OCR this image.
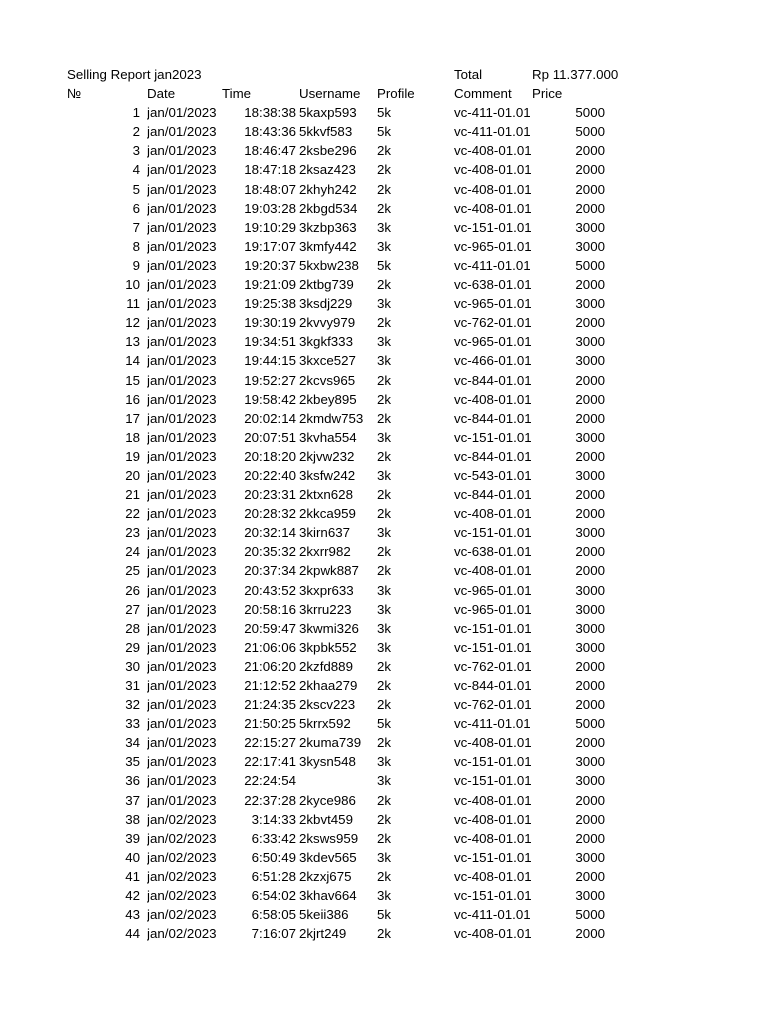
Selling Report jan2023	Total	Rp 11.377.000
№	Date	Time	Username	Profile	Comment	Price
1 jan/01/2023	18:38:38 5kaxp593	5k	vc-411-01.01	5000
2 jan/01/2023	18:43:36 5kkvf583	5k	vc-411-01.01	5000
3 jan/01/2023	18:46:47 2ksbe296	2k	vc-408-01.01	2000
4 jan/01/2023	18:47:18 2ksaz423	2k	vc-408-01.01	2000
5 jan/01/2023	18:48:07 2khyh242	2k	vc-408-01.01	2000
6 jan/01/2023	19:03:28 2kbgd534	2k	vc-408-01.01	2000
7 jan/01/2023	19:10:29 3kzbp363	3k	vc-151-01.01	3000
8 jan/01/2023	19:17:07 3kmfy442	3k	vc-965-01.01	3000
9 jan/01/2023	19:20:37 5kxbw238	5k	vc-411-01.01	5000
10 jan/01/2023	19:21:09 2ktbg739	2k	vc-638-01.01	2000
11 jan/01/2023	19:25:38 3ksdj229	3k	vc-965-01.01	3000
12 jan/01/2023	19:30:19 2kvvy979	2k	vc-762-01.01	2000
13 jan/01/2023	19:34:51 3kgkf333	3k	vc-965-01.01	3000
14 jan/01/2023	19:44:15 3kxce527	3k	vc-466-01.01	3000
15 jan/01/2023	19:52:27 2kcvs965	2k	vc-844-01.01	2000
16 jan/01/2023	19:58:42 2kbey895	2k	vc-408-01.01	2000
17 jan/01/2023	20:02:14 2kmdw753	2k	vc-844-01.01	2000
18 jan/01/2023	20:07:51 3kvha554	3k	vc-151-01.01	3000
19 jan/01/2023	20:18:20 2kjvw232	2k	vc-844-01.01	2000
20 jan/01/2023	20:22:40 3ksfw242	3k	vc-543-01.01	3000
21 jan/01/2023	20:23:31 2ktxn628	2k	vc-844-01.01	2000
22 jan/01/2023	20:28:32 2kkca959	2k	vc-408-01.01	2000
23 jan/01/2023	20:32:14 3kirn637	3k	vc-151-01.01	3000
24 jan/01/2023	20:35:32 2kxrr982	2k	vc-638-01.01	2000
25 jan/01/2023	20:37:34 2kpwk887	2k	vc-408-01.01	2000
26 jan/01/2023	20:43:52 3kxpr633	3k	vc-965-01.01	3000
27 jan/01/2023	20:58:16 3krru223	3k	vc-965-01.01	3000
28 jan/01/2023	20:59:47 3kwmi326	3k	vc-151-01.01	3000
29 jan/01/2023	21:06:06 3kpbk552	3k	vc-151-01.01	3000
30 jan/01/2023	21:06:20 2kzfd889	2k	vc-762-01.01	2000
31 jan/01/2023	21:12:52 2khaa279	2k	vc-844-01.01	2000
32 jan/01/2023	21:24:35 2kscv223	2k	vc-762-01.01	2000
33 jan/01/2023	21:50:25 5krrx592	5k	vc-411-01.01	5000
34 jan/01/2023	22:15:27 2kuma739	2k	vc-408-01.01	2000
35 jan/01/2023	22:17:41 3kysn548	3k	vc-151-01.01	3000
36 jan/01/2023	22:24:54	3k	vc-151-01.01	3000
37 jan/01/2023	22:37:28 2kyce986	2k	vc-408-01.01	2000
38 jan/02/2023	3:14:33 2kbvt459	2k	vc-408-01.01	2000
39 jan/02/2023	6:33:42 2ksws959	2k	vc-408-01.01	2000
40 jan/02/2023	6:50:49 3kdev565	3k	vc-151-01.01	3000
41 jan/02/2023	6:51:28 2kzxj675	2k	vc-408-01.01	2000
42 jan/02/2023	6:54:02 3khav664	3k	vc-151-01.01	3000
43 jan/02/2023	6:58:05 5keii386	5k	vc-411-01.01	5000
44 jan/02/2023	7:16:07 2kjrt249	2k	vc-408-01.01	2000
